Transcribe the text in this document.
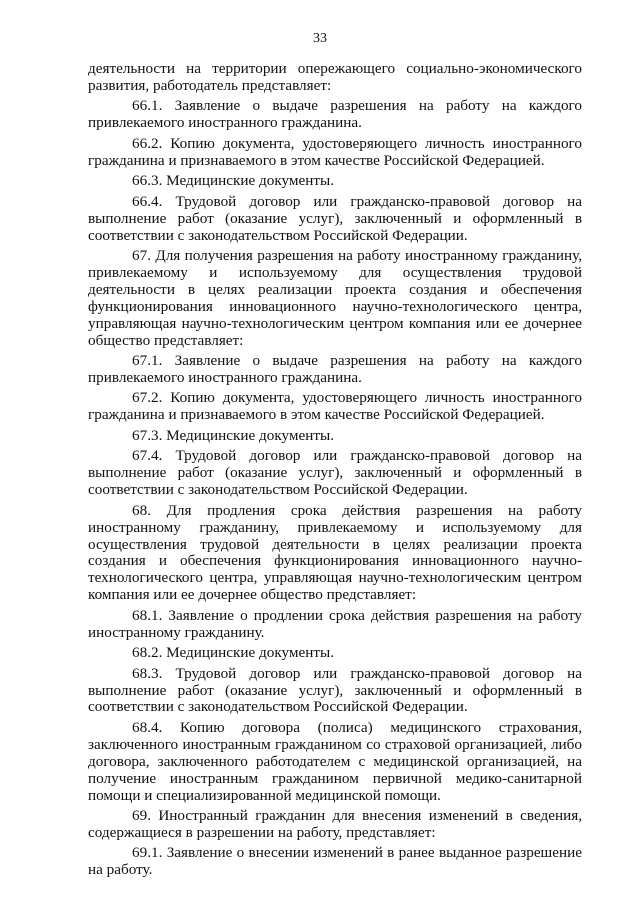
33

деятельности на территории опережающего социально-экономического развития, работодатель представляет:

66.1. Заявление о выдаче разрешения на работу на каждого привлекаемого иностранного гражданина.

66.2. Копию документа, удостоверяющего личность иностранного гражданина и признаваемого в этом качестве Российской Федерацией.

66.3. Медицинские документы.

66.4. Трудовой договор или гражданско-правовой договор на выполнение работ (оказание услуг), заключенный и оформленный в соответствии с законодательством Российской Федерации.

67. Для получения разрешения на работу иностранному гражданину, привлекаемому и используемому для осуществления трудовой деятельности в целях реализации проекта создания и обеспечения функционирования инновационного научно-технологического центра, управляющая научно-технологическим центром компания или ее дочернее общество представляет:

67.1. Заявление о выдаче разрешения на работу на каждого привлекаемого иностранного гражданина.

67.2. Копию документа, удостоверяющего личность иностранного гражданина и признаваемого в этом качестве Российской Федерацией.

67.3. Медицинские документы.

67.4. Трудовой договор или гражданско-правовой договор на выполнение работ (оказание услуг), заключенный и оформленный в соответствии с законодательством Российской Федерации.

68. Для продления срока действия разрешения на работу иностранному гражданину, привлекаемому и используемому для осуществления трудовой деятельности в целях реализации проекта создания и обеспечения функционирования инновационного научно-технологического центра, управляющая научно-технологическим центром компания или ее дочернее общество представляет:

68.1. Заявление о продлении срока действия разрешения на работу иностранному гражданину.

68.2. Медицинские документы.

68.3. Трудовой договор или гражданско-правовой договор на выполнение работ (оказание услуг), заключенный и оформленный в соответствии с законодательством Российской Федерации.

68.4. Копию договора (полиса) медицинского страхования, заключенного иностранным гражданином со страховой организацией, либо договора, заключенного работодателем с медицинской организацией, на получение иностранным гражданином первичной медико-санитарной помощи и специализированной медицинской помощи.

69. Иностранный гражданин для внесения изменений в сведения, содержащиеся в разрешении на работу, представляет:

69.1. Заявление о внесении изменений в ранее выданное разрешение на работу.
